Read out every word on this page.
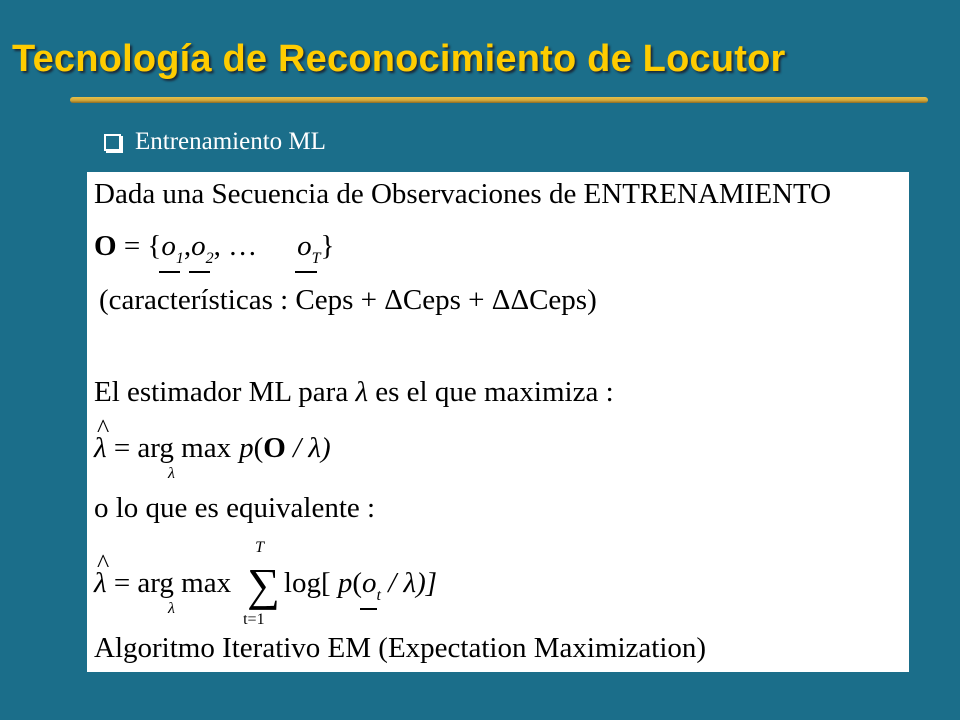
Tecnología de Reconocimiento de Locutor
Entrenamiento ML
Dada una Secuencia de Observaciones de ENTRENAMIENTO
$O = \{o_1,o_2$, … $o_T$}
(características : Ceps + ΔCeps + ΔΔCeps)
El estimador ML para λ es el que maximiza :
^ λ = arg max
λ
p(O / λ)
o lo que es equivalente :
^ λ = arg max
λ ∑
T
t=1
log[ $p(o_t / \lambda)$]
Algoritmo Iterativo EM (Expectation Maximization)
